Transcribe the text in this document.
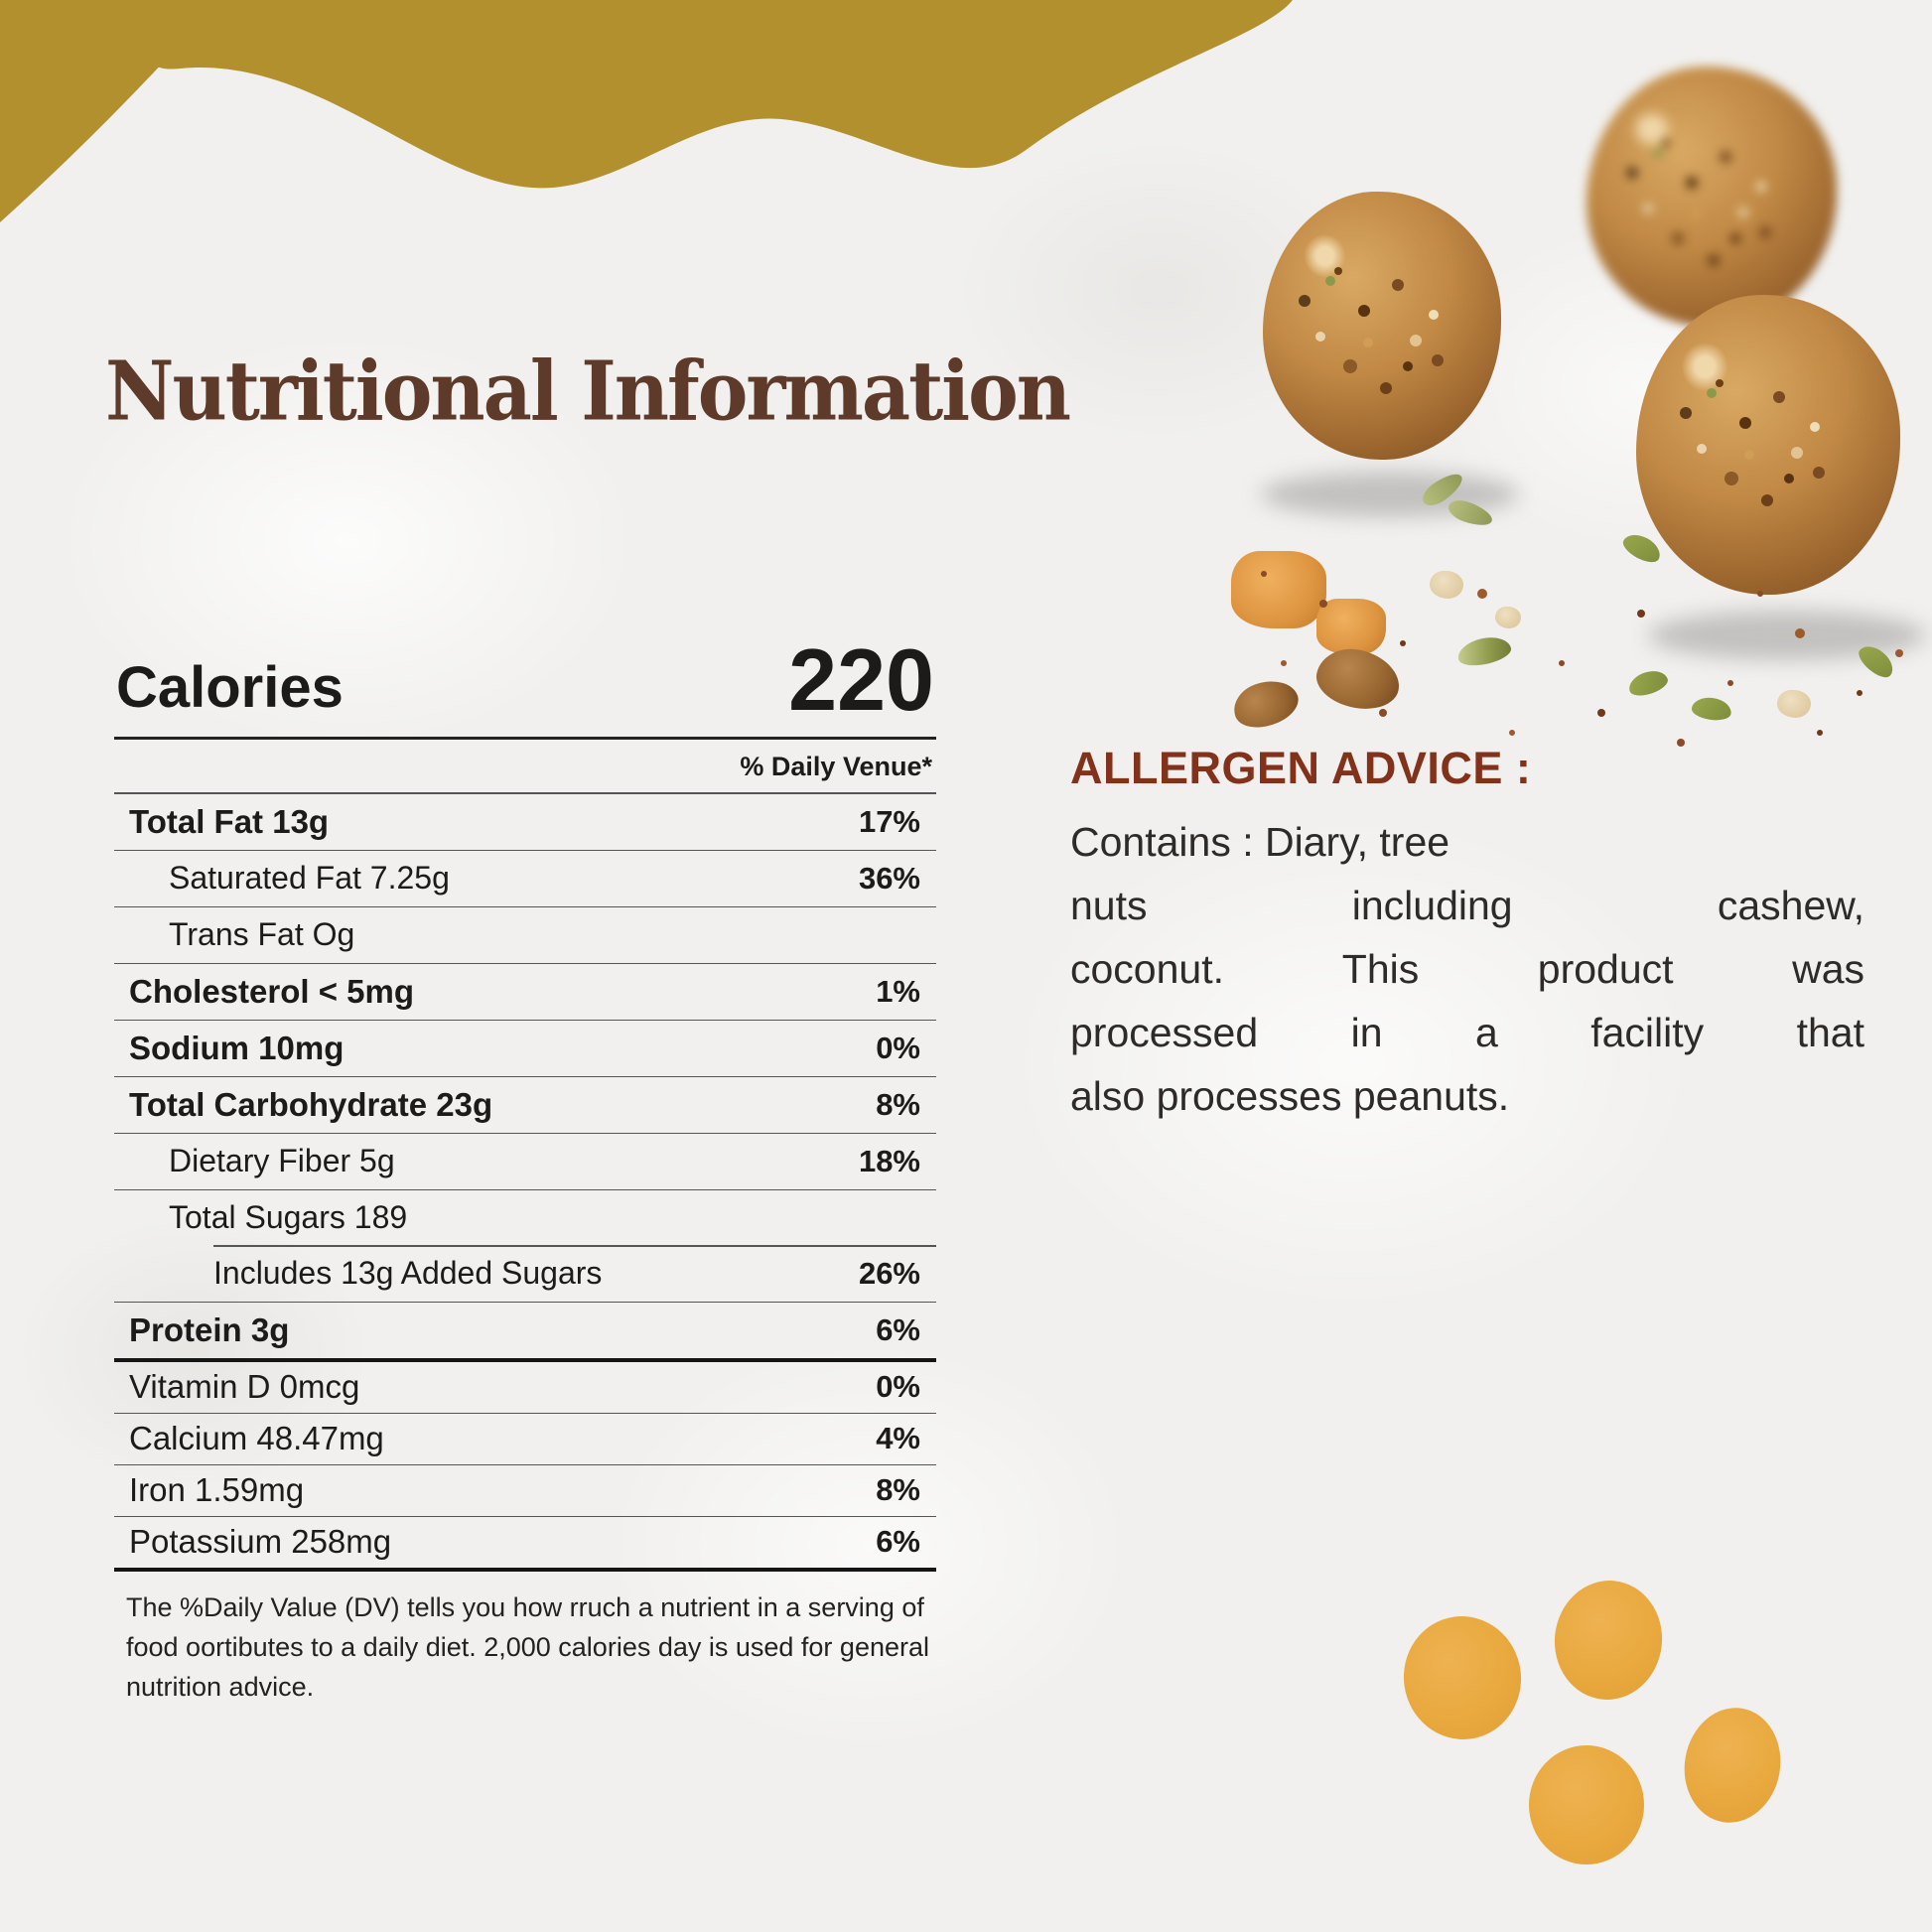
Nutritional Information
Calories	220
% Daily Venue*
Total Fat 13g	17%
Saturated Fat 7.25g	36%
Trans Fat Og
Cholesterol < 5mg	1%
Sodium 10mg	0%
Total Carbohydrate 23g	8%
Dietary Fiber 5g	18%
Total Sugars 189
Includes 13g Added Sugars	26%
Protein 3g	6%
Vitamin D 0mcg	0%
Calcium 48.47mg	4%
Iron 1.59mg	8%
Potassium 258mg	6%

The %Daily Value (DV) tells you how rruch a nutrient in a serving of food oortibutes to a daily diet. 2,000 calories day is used for general nutrition advice.

ALLERGEN ADVICE :
Contains : Diary, tree
nuts including cashew,
coconut. This product was
processed in a facility that
also processes peanuts.
